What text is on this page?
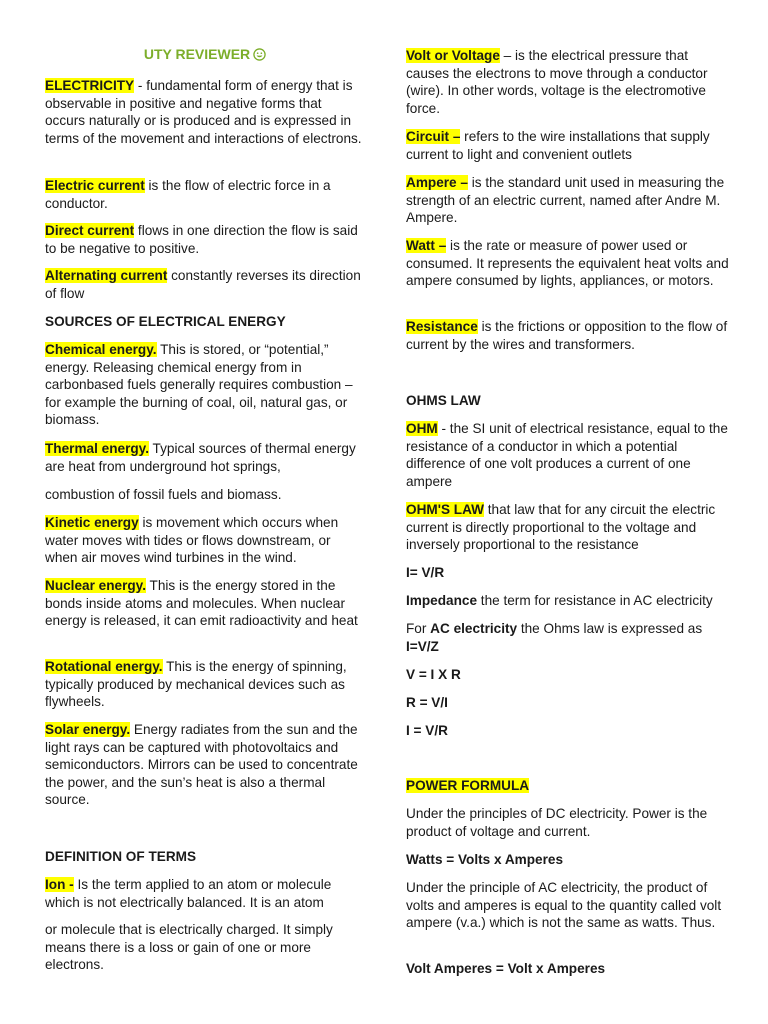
UTY REVIEWER

ELECTRICITY - fundamental form of energy that is observable in positive and negative forms that occurs naturally or is produced and is expressed in terms of the movement and interactions of electrons.

Electric current is the flow of electric force in a conductor.

Direct current flows in one direction the flow is said to be negative to positive.

Alternating current constantly reverses its direction of flow

SOURCES OF ELECTRICAL ENERGY

Chemical energy. This is stored, or “potential,” energy. Releasing chemical energy from in carbonbased fuels generally requires combustion – for example the burning of coal, oil, natural gas, or biomass.

Thermal energy. Typical sources of thermal energy are heat from underground hot springs,

combustion of fossil fuels and biomass.

Kinetic energy is movement which occurs when water moves with tides or flows downstream, or when air moves wind turbines in the wind.

Nuclear energy. This is the energy stored in the bonds inside atoms and molecules. When nuclear energy is released, it can emit radioactivity and heat

Rotational energy. This is the energy of spinning, typically produced by mechanical devices such as flywheels.

Solar energy. Energy radiates from the sun and the light rays can be captured with photovoltaics and semiconductors. Mirrors can be used to concentrate the power, and the sun’s heat is also a thermal source.

DEFINITION OF TERMS

Ion - Is the term applied to an atom or molecule which is not electrically balanced. It is an atom

or molecule that is electrically charged. It simply means there is a loss or gain of one or more electrons.

Volt or Voltage – is the electrical pressure that causes the electrons to move through a conductor (wire). In other words, voltage is the electromotive force.

Circuit – refers to the wire installations that supply current to light and convenient outlets

Ampere – is the standard unit used in measuring the strength of an electric current, named after Andre M. Ampere.

Watt – is the rate or measure of power used or consumed. It represents the equivalent heat volts and ampere consumed by lights, appliances, or motors.

Resistance is the frictions or opposition to the flow of current by the wires and transformers.

OHMS LAW

OHM - the SI unit of electrical resistance, equal to the resistance of a conductor in which a potential difference of one volt produces a current of one ampere

OHM'S LAW that law that for any circuit the electric current is directly proportional to the voltage and inversely proportional to the resistance

I= V/R

Impedance the term for resistance in AC electricity

For AC electricity the Ohms law is expressed as
I=V/Z

V = I X R

R = V/I

I = V/R

POWER FORMULA

Under the principles of DC electricity. Power is the product of voltage and current.

Watts = Volts x Amperes

Under the principle of AC electricity, the product of volts and amperes is equal to the quantity called volt ampere (v.a.) which is not the same as watts. Thus.

Volt Amperes = Volt x Amperes
